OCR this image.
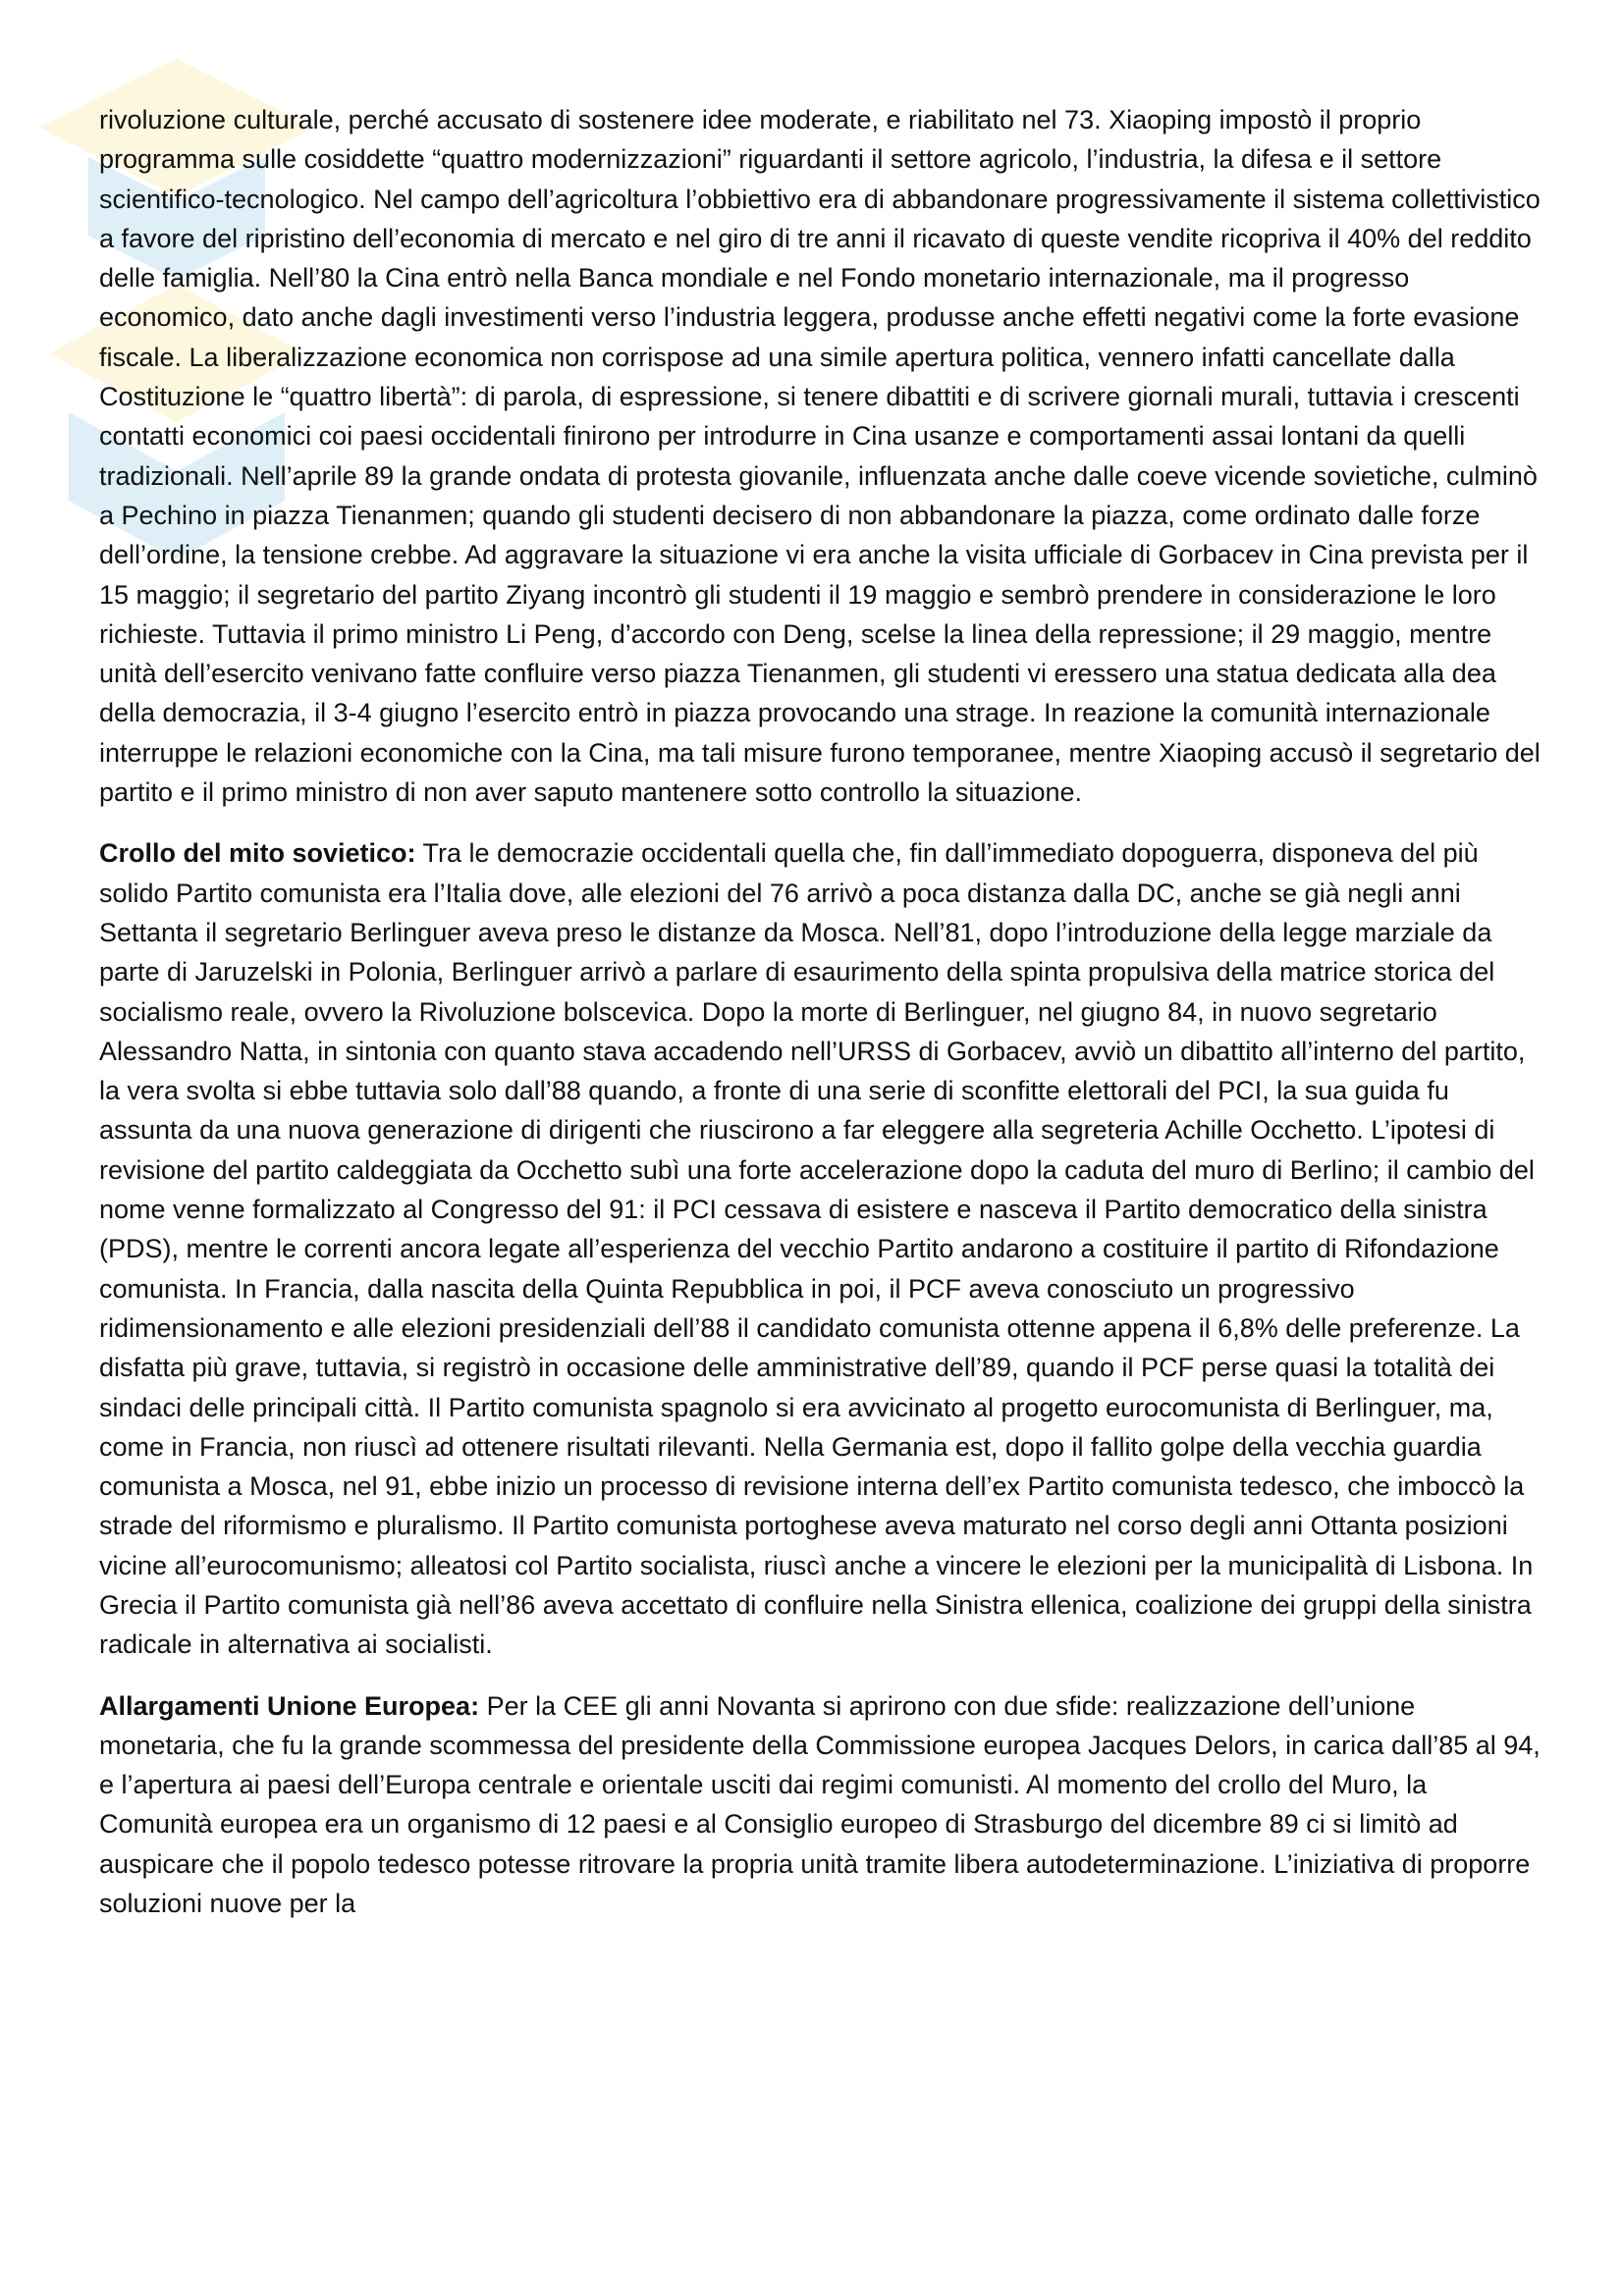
rivoluzione culturale, perché accusato di sostenere idee moderate, e riabilitato nel 73. Xiaoping impostò il proprio programma sulle cosiddette “quattro modernizzazioni” riguardanti il settore agricolo, l’industria, la difesa e il settore scientifico-tecnologico. Nel campo dell’agricoltura l’obbiettivo era di abbandonare progressivamente il sistema collettivistico a favore del ripristino dell’economia di mercato e nel giro di tre anni il ricavato di queste vendite ricopriva il 40% del reddito delle famiglia. Nell’80 la Cina entrò nella Banca mondiale e nel Fondo monetario internazionale, ma il progresso economico, dato anche dagli investimenti verso l’industria leggera, produsse anche effetti negativi come la forte evasione fiscale. La liberalizzazione economica non corrispose ad una simile apertura politica, vennero infatti cancellate dalla Costituzione le “quattro libertà”: di parola, di espressione, si tenere dibattiti e di scrivere giornali murali, tuttavia i crescenti contatti economici coi paesi occidentali finirono per introdurre in Cina usanze e comportamenti assai lontani da quelli tradizionali. Nell’aprile 89 la grande ondata di protesta giovanile, influenzata anche dalle coeve vicende sovietiche, culminò a Pechino in piazza Tienanmen; quando gli studenti decisero di non abbandonare la piazza, come ordinato dalle forze dell’ordine, la tensione crebbe. Ad aggravare la situazione vi era anche la visita ufficiale di Gorbacev in Cina prevista per il 15 maggio; il segretario del partito Ziyang incontrò gli studenti il 19 maggio e sembrò prendere in considerazione le loro richieste. Tuttavia il primo ministro Li Peng, d’accordo con Deng, scelse la linea della repressione; il 29 maggio, mentre unità dell’esercito venivano fatte confluire verso piazza Tienanmen, gli studenti vi eressero una statua dedicata alla dea della democrazia, il 3-4 giugno l’esercito entrò in piazza provocando una strage. In reazione la comunità internazionale interruppe le relazioni economiche con la Cina, ma tali misure furono temporanee, mentre Xiaoping accusò il segretario del partito e il primo ministro di non aver saputo mantenere sotto controllo la situazione.

Crollo del mito sovietico: Tra le democrazie occidentali quella che, fin dall’immediato dopoguerra, disponeva del più solido Partito comunista era l’Italia dove, alle elezioni del 76 arrivò a poca distanza dalla DC, anche se già negli anni Settanta il segretario Berlinguer aveva preso le distanze da Mosca. Nell’81, dopo l’introduzione della legge marziale da parte di Jaruzelski in Polonia, Berlinguer arrivò a parlare di esaurimento della spinta propulsiva della matrice storica del socialismo reale, ovvero la Rivoluzione bolscevica. Dopo la morte di Berlinguer, nel giugno 84, in nuovo segretario Alessandro Natta, in sintonia con quanto stava accadendo nell’URSS di Gorbacev, avviò un dibattito all’interno del partito, la vera svolta si ebbe tuttavia solo dall’88 quando, a fronte di una serie di sconfitte elettorali del PCI, la sua guida fu assunta da una nuova generazione di dirigenti che riuscirono a far eleggere alla segreteria Achille Occhetto. L’ipotesi di revisione del partito caldeggiata da Occhetto subì una forte accelerazione dopo la caduta del muro di Berlino; il cambio del nome venne formalizzato al Congresso del 91: il PCI cessava di esistere e nasceva il Partito democratico della sinistra (PDS), mentre le correnti ancora legate all’esperienza del vecchio Partito andarono a costituire il partito di Rifondazione comunista. In Francia, dalla nascita della Quinta Repubblica in poi, il PCF aveva conosciuto un progressivo ridimensionamento e alle elezioni presidenziali dell’88 il candidato comunista ottenne appena il 6,8% delle preferenze. La disfatta più grave, tuttavia, si registrò in occasione delle amministrative dell’89, quando il PCF perse quasi la totalità dei sindaci delle principali città. Il Partito comunista spagnolo si era avvicinato al progetto eurocomunista di Berlinguer, ma, come in Francia, non riuscì ad ottenere risultati rilevanti. Nella Germania est, dopo il fallito golpe della vecchia guardia comunista a Mosca, nel 91, ebbe inizio un processo di revisione interna dell’ex Partito comunista tedesco, che imboccò la strade del riformismo e pluralismo. Il Partito comunista portoghese aveva maturato nel corso degli anni Ottanta posizioni vicine all’eurocomunismo; alleatosi col Partito socialista, riuscì anche a vincere le elezioni per la municipalità di Lisbona. In Grecia il Partito comunista già nell’86 aveva accettato di confluire nella Sinistra ellenica, coalizione dei gruppi della sinistra radicale in alternativa ai socialisti.

Allargamenti Unione Europea: Per la CEE gli anni Novanta si aprirono con due sfide: realizzazione dell’unione monetaria, che fu la grande scommessa del presidente della Commissione europea Jacques Delors, in carica dall’85 al 94, e l’apertura ai paesi dell’Europa centrale e orientale usciti dai regimi comunisti. Al momento del crollo del Muro, la Comunità europea era un organismo di 12 paesi e al Consiglio europeo di Strasburgo del dicembre 89 ci si limitò ad auspicare che il popolo tedesco potesse ritrovare la propria unità tramite libera autodeterminazione. L’iniziativa di proporre soluzioni nuove per la
